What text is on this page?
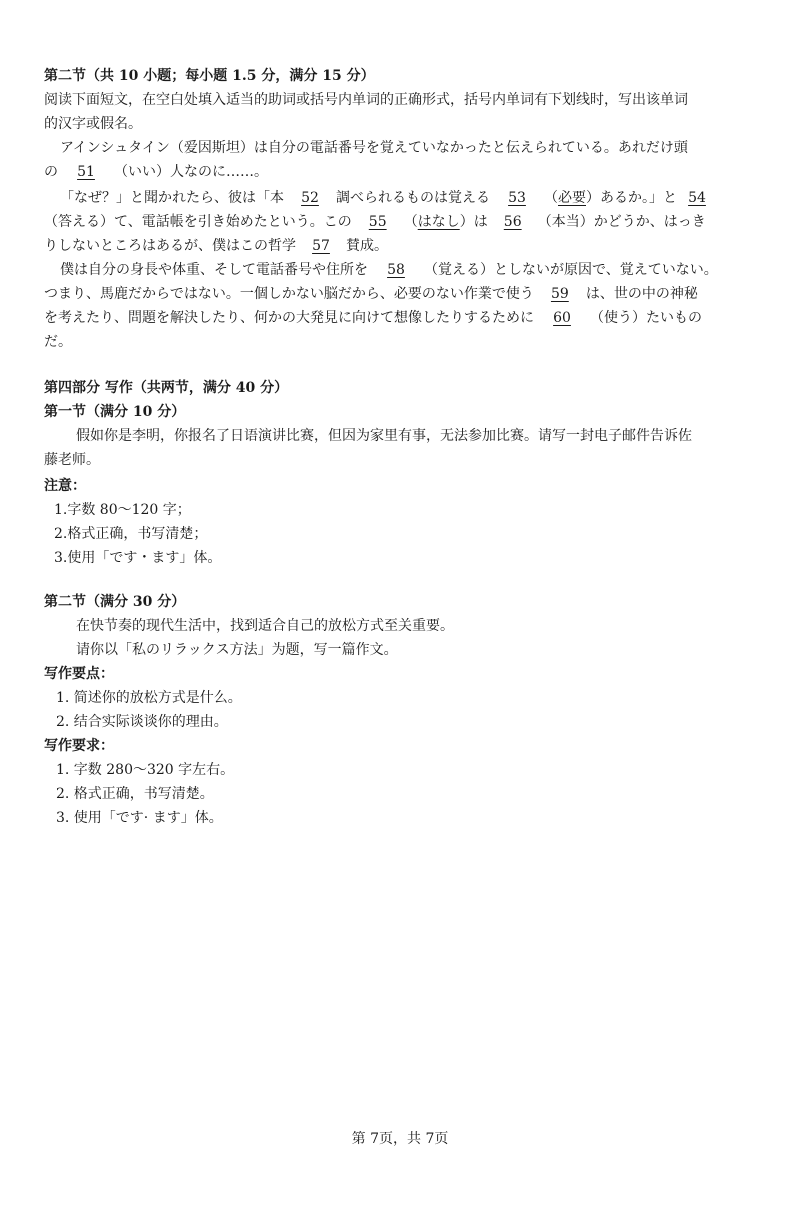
第二节（共 10 小题；每小题 1.5 分，满分 15 分）
阅读下面短文，在空白处填入适当的助词或括号内单词的正确形式，括号内单词有下划线时，写出该单词
的汉字或假名。
アインシュタイン（爱因斯坦）は自分の電話番号を覚えていなかったと伝えられている。あれだけ頭
の 51 （いい）人なのに……。
「なぜ？」と聞かれたら、彼は「本 52 調べられるものは覚える 53 （必要）あるか。」と 54
（答える）て、電話帳を引き始めたという。この 55 （はなし）は 56 （本当）かどうか、はっき
りしないところはあるが、僕はこの哲学 57 賛成。
僕は自分の身長や体重、そして電話番号や住所を 58 （覚える）としないが原因で、覚えていない。
つまり、馬鹿だからではない。一個しかない脳だから、必要のない作業で使う 59 は、世の中の神秘
を考えたり、問題を解決したり、何かの大発見に向けて想像したりするために 60 （使う）たいもの
だ。
第四部分 写作（共两节，满分 40 分）
第一节（满分 10 分）
假如你是李明，你报名了日语演讲比赛，但因为家里有事，无法参加比赛。请写一封电子邮件告诉佐
藤老师。
注意：
1.字数 80～120 字；
2.格式正确，书写清楚；
3.使用「です・ます」体。
第二节（满分 30 分）
在快节奏的现代生活中，找到适合自己的放松方式至关重要。
请你以「私のリラックス方法」为题，写一篇作文。
写作要点：
1. 简述你的放松方式是什么。
2. 结合实际谈谈你的理由。
写作要求：
1. 字数 280～320 字左右。
2. 格式正确，书写清楚。
3. 使用「です· ます」体。
第 7页，共 7页
